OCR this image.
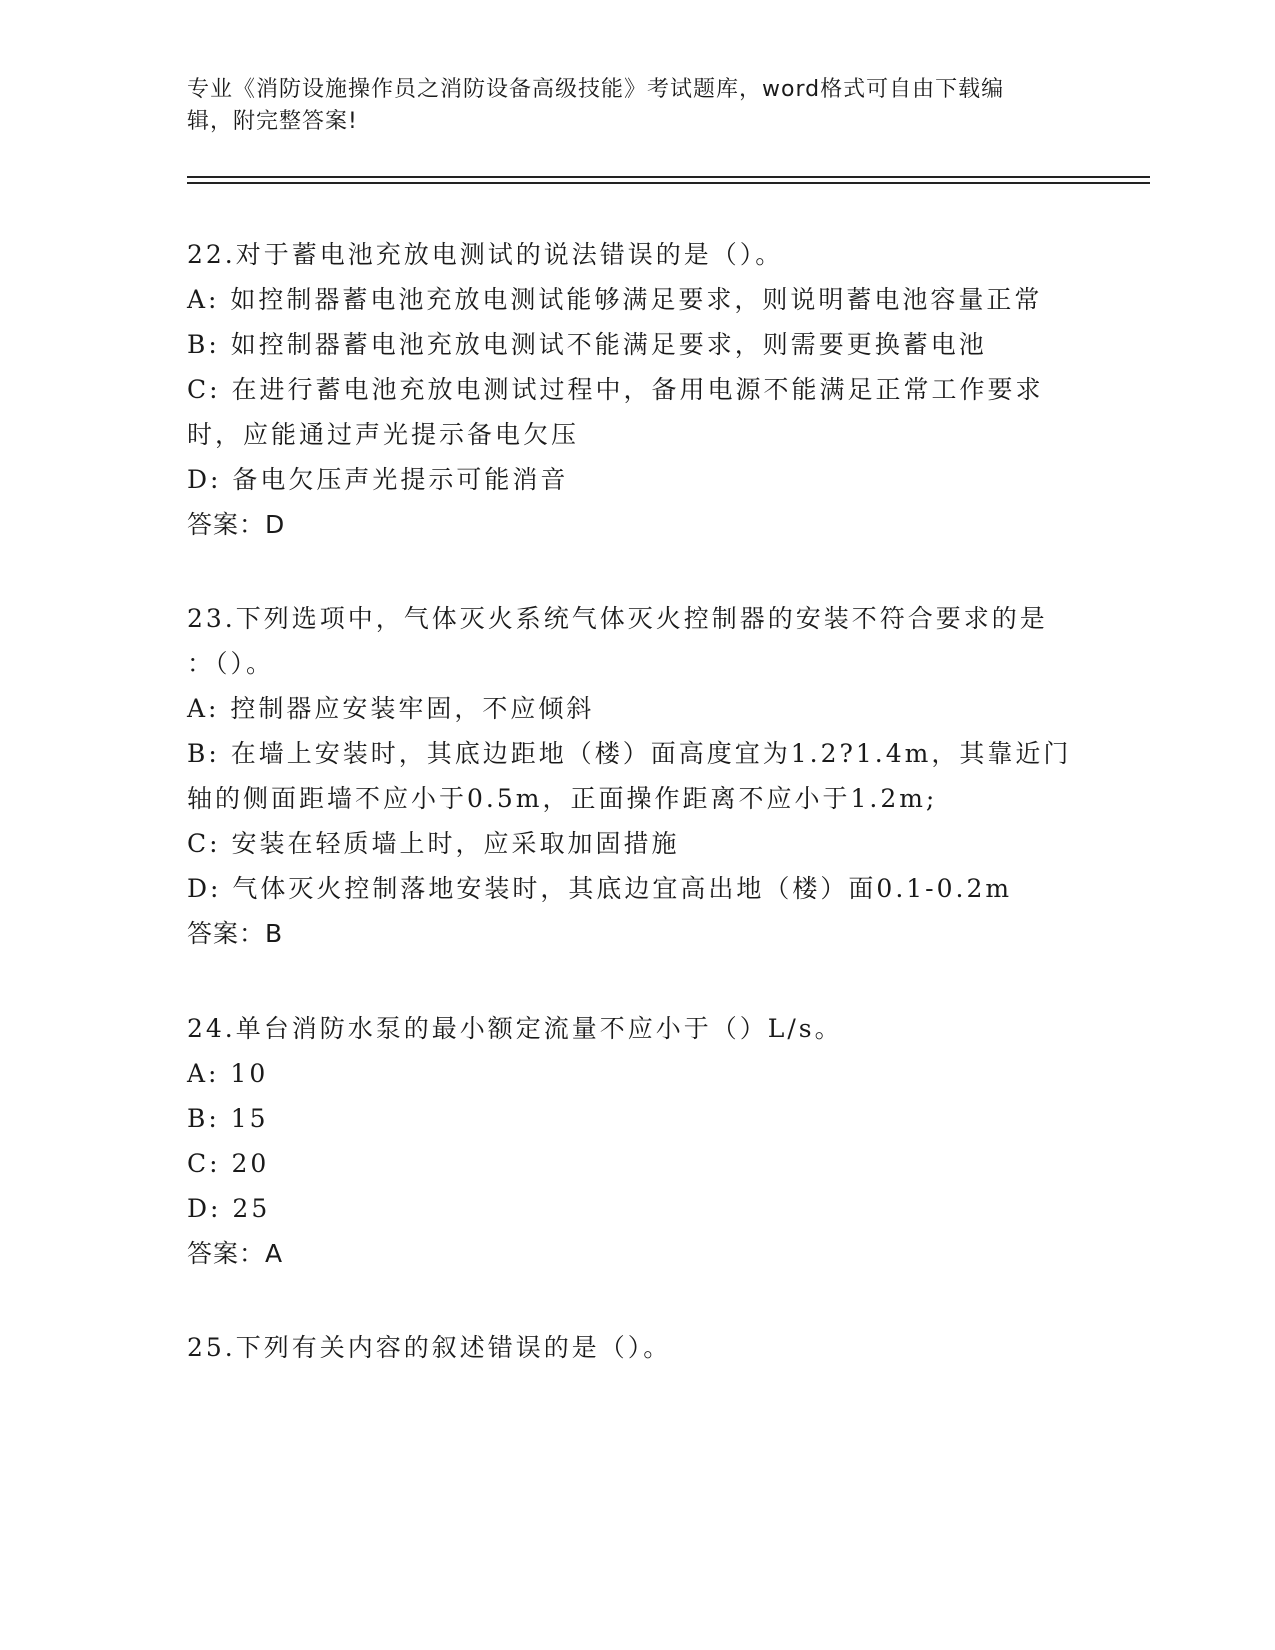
专业《消防设施操作员之消防设备高级技能》考试题库，word格式可自由下载编
辑，附完整答案!
22.对于蓄电池充放电测试的说法错误的是（）。
A: 如控制器蓄电池充放电测试能够满足要求，则说明蓄电池容量正常
B: 如控制器蓄电池充放电测试不能满足要求，则需要更换蓄电池
C: 在进行蓄电池充放电测试过程中，备用电源不能满足正常工作要求
时，应能通过声光提示备电欠压
D: 备电欠压声光提示可能消音
答案：D
23.下列选项中，气体灭火系统气体灭火控制器的安装不符合要求的是
：（）。
A: 控制器应安装牢固，不应倾斜
B: 在墙上安装时，其底边距地（楼）面高度宜为1.2?1.4m，其靠近门
轴的侧面距墙不应小于0.5m，正面操作距离不应小于1.2m;
C: 安装在轻质墙上时，应采取加固措施
D: 气体灭火控制落地安装时，其底边宜高出地（楼）面0.1-0.2m
答案：B
24.单台消防水泵的最小额定流量不应小于（）L/s。
A: 10
B: 15
C: 20
D: 25
答案：A
25.下列有关内容的叙述错误的是（）。
